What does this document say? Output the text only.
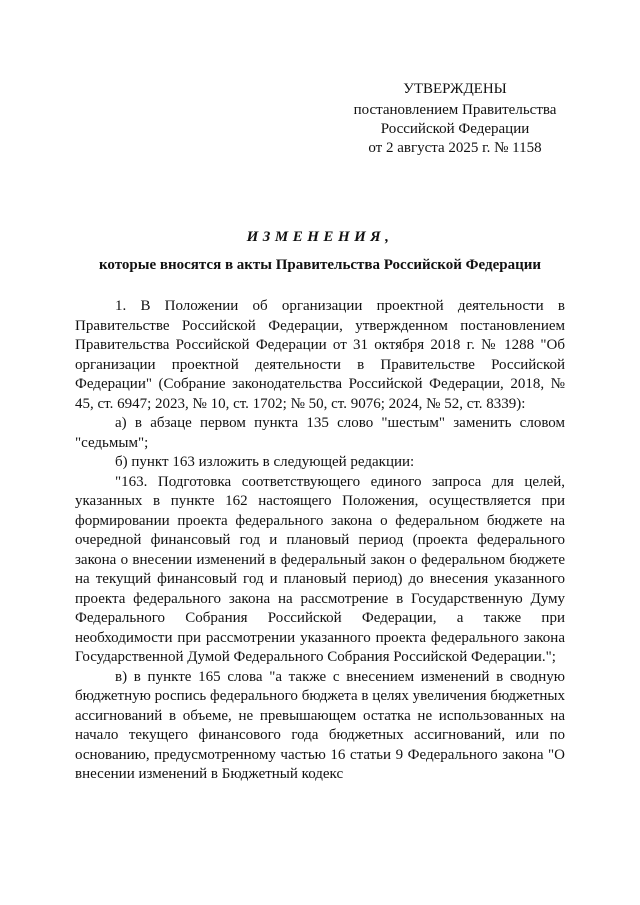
УТВЕРЖДЕНЫ
постановлением Правительства
Российской Федерации
от 2 августа 2025 г. № 1158
ИЗМЕНЕНИЯ,
которые вносятся в акты Правительства Российской Федерации

1. В Положении об организации проектной деятельности в Правительстве Российской Федерации, утвержденном постановлением Правительства Российской Федерации от 31 октября 2018 г. № 1288 "Об организации проектной деятельности в Правительстве Российской Федерации" (Собрание законодательства Российской Федерации, 2018, № 45, ст. 6947; 2023, № 10, ст. 1702; № 50, ст. 9076; 2024, № 52, ст. 8339):

а) в абзаце первом пункта 135 слово "шестым" заменить словом "седьмым";

б) пункт 163 изложить в следующей редакции:

"163. Подготовка соответствующего единого запроса для целей, указанных в пункте 162 настоящего Положения, осуществляется при формировании проекта федерального закона о федеральном бюджете на очередной финансовый год и плановый период (проекта федерального закона о внесении изменений в федеральный закон о федеральном бюджете на текущий финансовый год и плановый период) до внесения указанного проекта федерального закона на рассмотрение в Государственную Думу Федерального Собрания Российской Федерации, а также при необходимости при рассмотрении указанного проекта федерального закона Государственной Думой Федерального Собрания Российской Федерации.";

в) в пункте 165 слова "а также с внесением изменений в сводную бюджетную роспись федерального бюджета в целях увеличения бюджетных ассигнований в объеме, не превышающем остатка не использованных на начало текущего финансового года бюджетных ассигнований, или по основанию, предусмотренному частью 16 статьи 9 Федерального закона "О внесении изменений в Бюджетный кодекс
